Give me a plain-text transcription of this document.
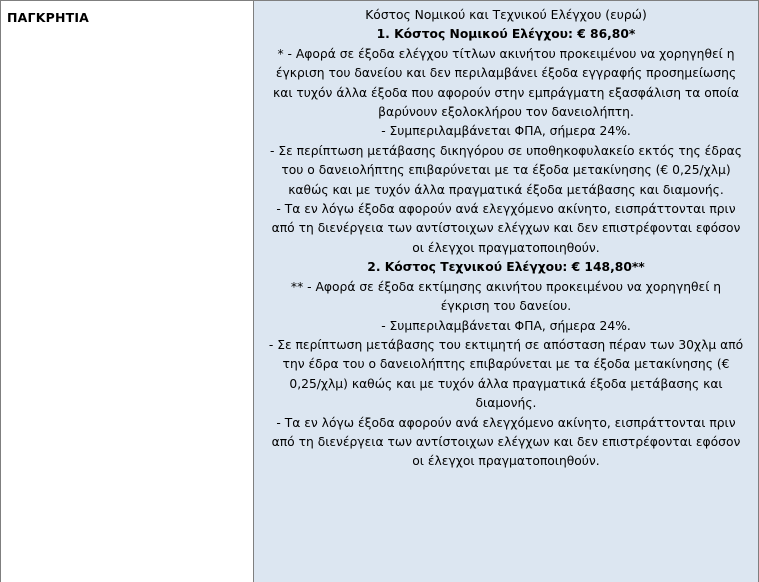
ΠΑΓΚΡΗΤΙΑ	Κόστος Νομικού και Τεχνικού Ελέγχου (ευρώ)
1. Κόστος Νομικού Ελέγχου: € 86,80*
* - Αφορά σε έξοδα ελέγχου τίτλων ακινήτου προκειμένου να χορηγηθεί η
έγκριση του δανείου και δεν περιλαμβάνει έξοδα εγγραφής προσημείωσης
και τυχόν άλλα έξοδα που αφορούν στην εμπράγματη εξασφάλιση τα οποία
βαρύνουν εξολοκλήρου τον δανειολήπτη.
- Συμπεριλαμβάνεται ΦΠΑ, σήμερα 24%.
- Σε περίπτωση μετάβασης δικηγόρου σε υποθηκοφυλακείο εκτός της έδρας
του ο δανειολήπτης επιβαρύνεται με τα έξοδα μετακίνησης (€ 0,25/χλμ)
καθώς και με τυχόν άλλα πραγματικά έξοδα μετάβασης και διαμονής.
- Τα εν λόγω έξοδα αφορούν ανά ελεγχόμενο ακίνητο, εισπράττονται πριν
από τη διενέργεια των αντίστοιχων ελέγχων και δεν επιστρέφονται εφόσον
οι έλεγχοι πραγματοποιηθούν.
2. Κόστος Τεχνικού Ελέγχου: € 148,80**
** - Αφορά σε έξοδα εκτίμησης ακινήτου προκειμένου να χορηγηθεί η
έγκριση του δανείου.
- Συμπεριλαμβάνεται ΦΠΑ, σήμερα 24%.
- Σε περίπτωση μετάβασης του εκτιμητή σε απόσταση πέραν των 30χλμ από
την έδρα του ο δανειολήπτης επιβαρύνεται με τα έξοδα μετακίνησης (€
0,25/χλμ) καθώς και με τυχόν άλλα πραγματικά έξοδα μετάβασης και
διαμονής.
- Τα εν λόγω έξοδα αφορούν ανά ελεγχόμενο ακίνητο, εισπράττονται πριν
από τη διενέργεια των αντίστοιχων ελέγχων και δεν επιστρέφονται εφόσον
οι έλεγχοι πραγματοποιηθούν.
